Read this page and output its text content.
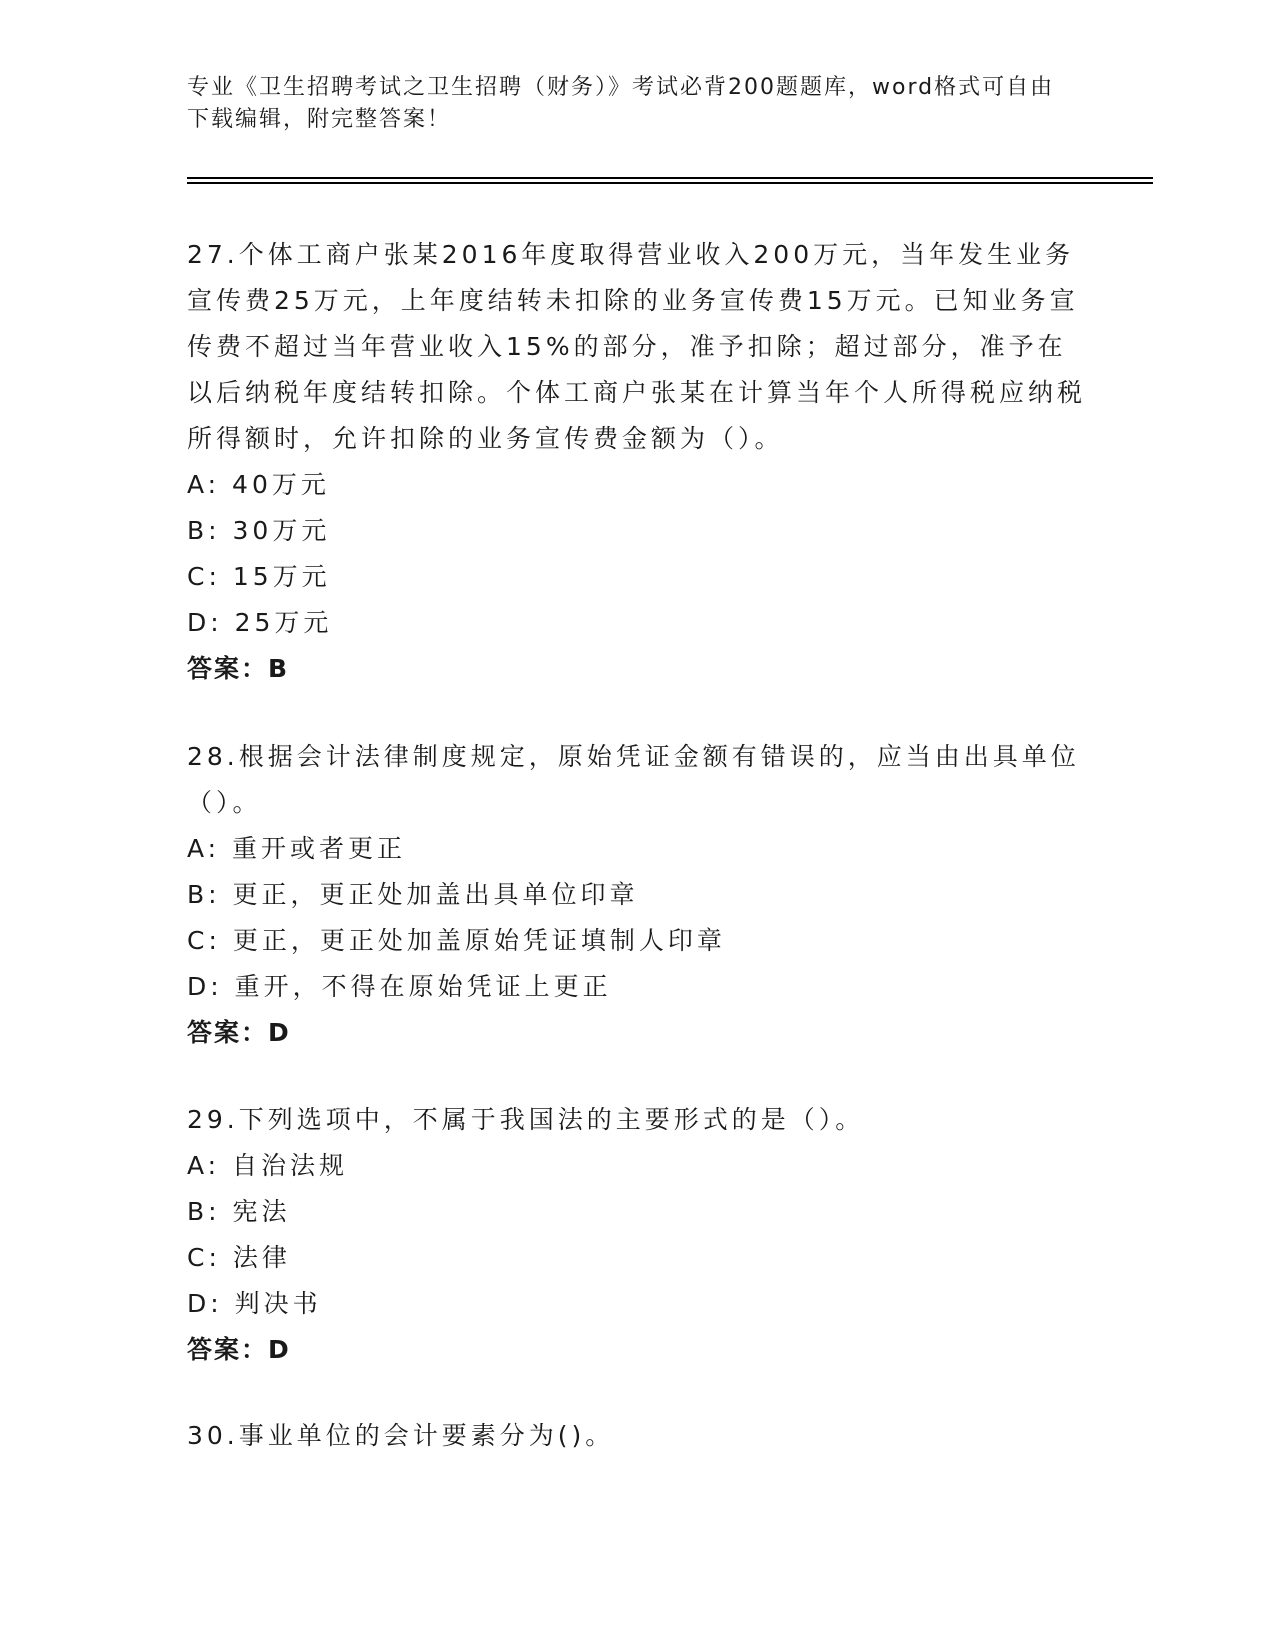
专业《卫生招聘考试之卫生招聘（财务）》考试必背200题题库，word格式可自由下载编辑，附完整答案！
27.个体工商户张某2016年度取得营业收入200万元，当年发生业务宣传费25万元，上年度结转未扣除的业务宣传费15万元。已知业务宣传费不超过当年营业收入15%的部分，准予扣除；超过部分，准予在以后纳税年度结转扣除。个体工商户张某在计算当年个人所得税应纳税所得额时，允许扣除的业务宣传费金额为（）。
A: 40万元
B: 30万元
C: 15万元
D: 25万元
答案：B
28.根据会计法律制度规定，原始凭证金额有错误的，应当由出具单位（）。
A: 重开或者更正
B: 更正，更正处加盖出具单位印章
C: 更正，更正处加盖原始凭证填制人印章
D: 重开，不得在原始凭证上更正
答案：D
29.下列选项中，不属于我国法的主要形式的是（）。
A: 自治法规
B: 宪法
C: 法律
D: 判决书
答案：D
30.事业单位的会计要素分为()。
